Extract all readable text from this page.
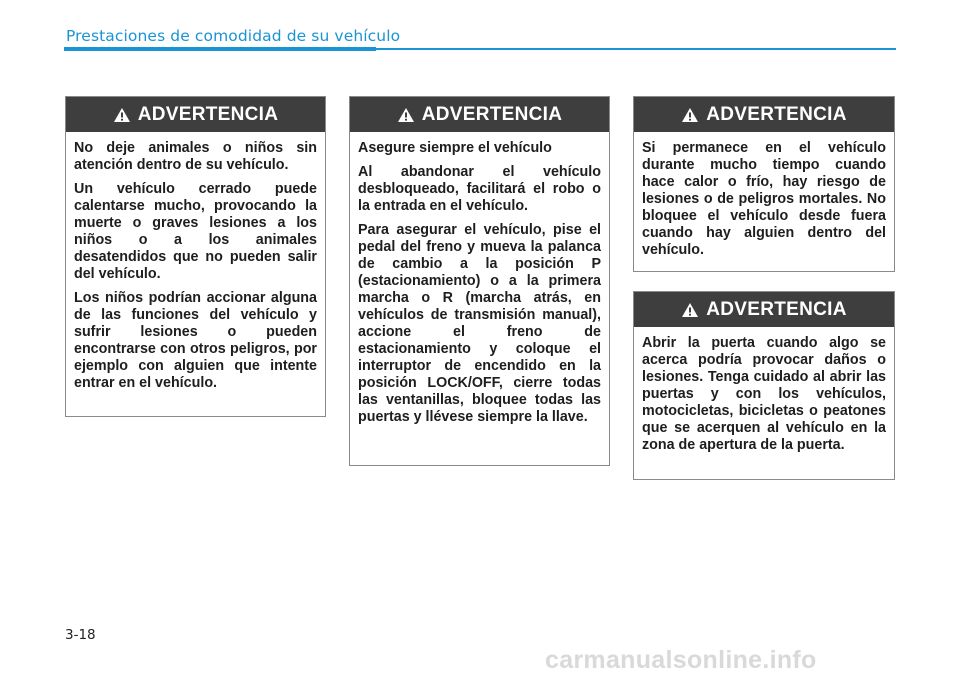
Prestaciones de comodidad de su vehículo
ADVERTENCIA

No deje animales o niños sin atención dentro de su vehículo.

Un vehículo cerrado puede calentarse mucho, provocando la muerte o graves lesiones a los niños o a los animales desatendidos que no pueden salir del vehículo.

Los niños podrían accionar alguna de las funciones del vehículo y sufrir lesiones o pueden encontrarse con otros peligros, por ejemplo con alguien que intente entrar en el vehículo.

ADVERTENCIA

Asegure siempre el vehículo

Al abandonar el vehículo desbloqueado, facilitará el robo o la entrada en el vehículo.

Para asegurar el vehículo, pise el pedal del freno y mueva la palanca de cambio a la posición P (estacionamiento) o a la primera marcha o R (marcha atrás, en vehículos de transmisión manual), accione el freno de estacionamiento y coloque el interruptor de encendido en la posición LOCK/OFF, cierre todas las ventanillas, bloquee todas las puertas y llévese siempre la llave.

ADVERTENCIA

Si permanece en el vehículo durante mucho tiempo cuando hace calor o frío, hay riesgo de lesiones o de peligros mortales. No bloquee el vehículo desde fuera cuando hay alguien dentro del vehículo.

ADVERTENCIA

Abrir la puerta cuando algo se acerca podría provocar daños o lesiones. Tenga cuidado al abrir las puertas y con los vehículos, motocicletas, bicicletas o peatones que se acerquen al vehículo en la zona de apertura de la puerta.

3-18

carmanualsonline.info
